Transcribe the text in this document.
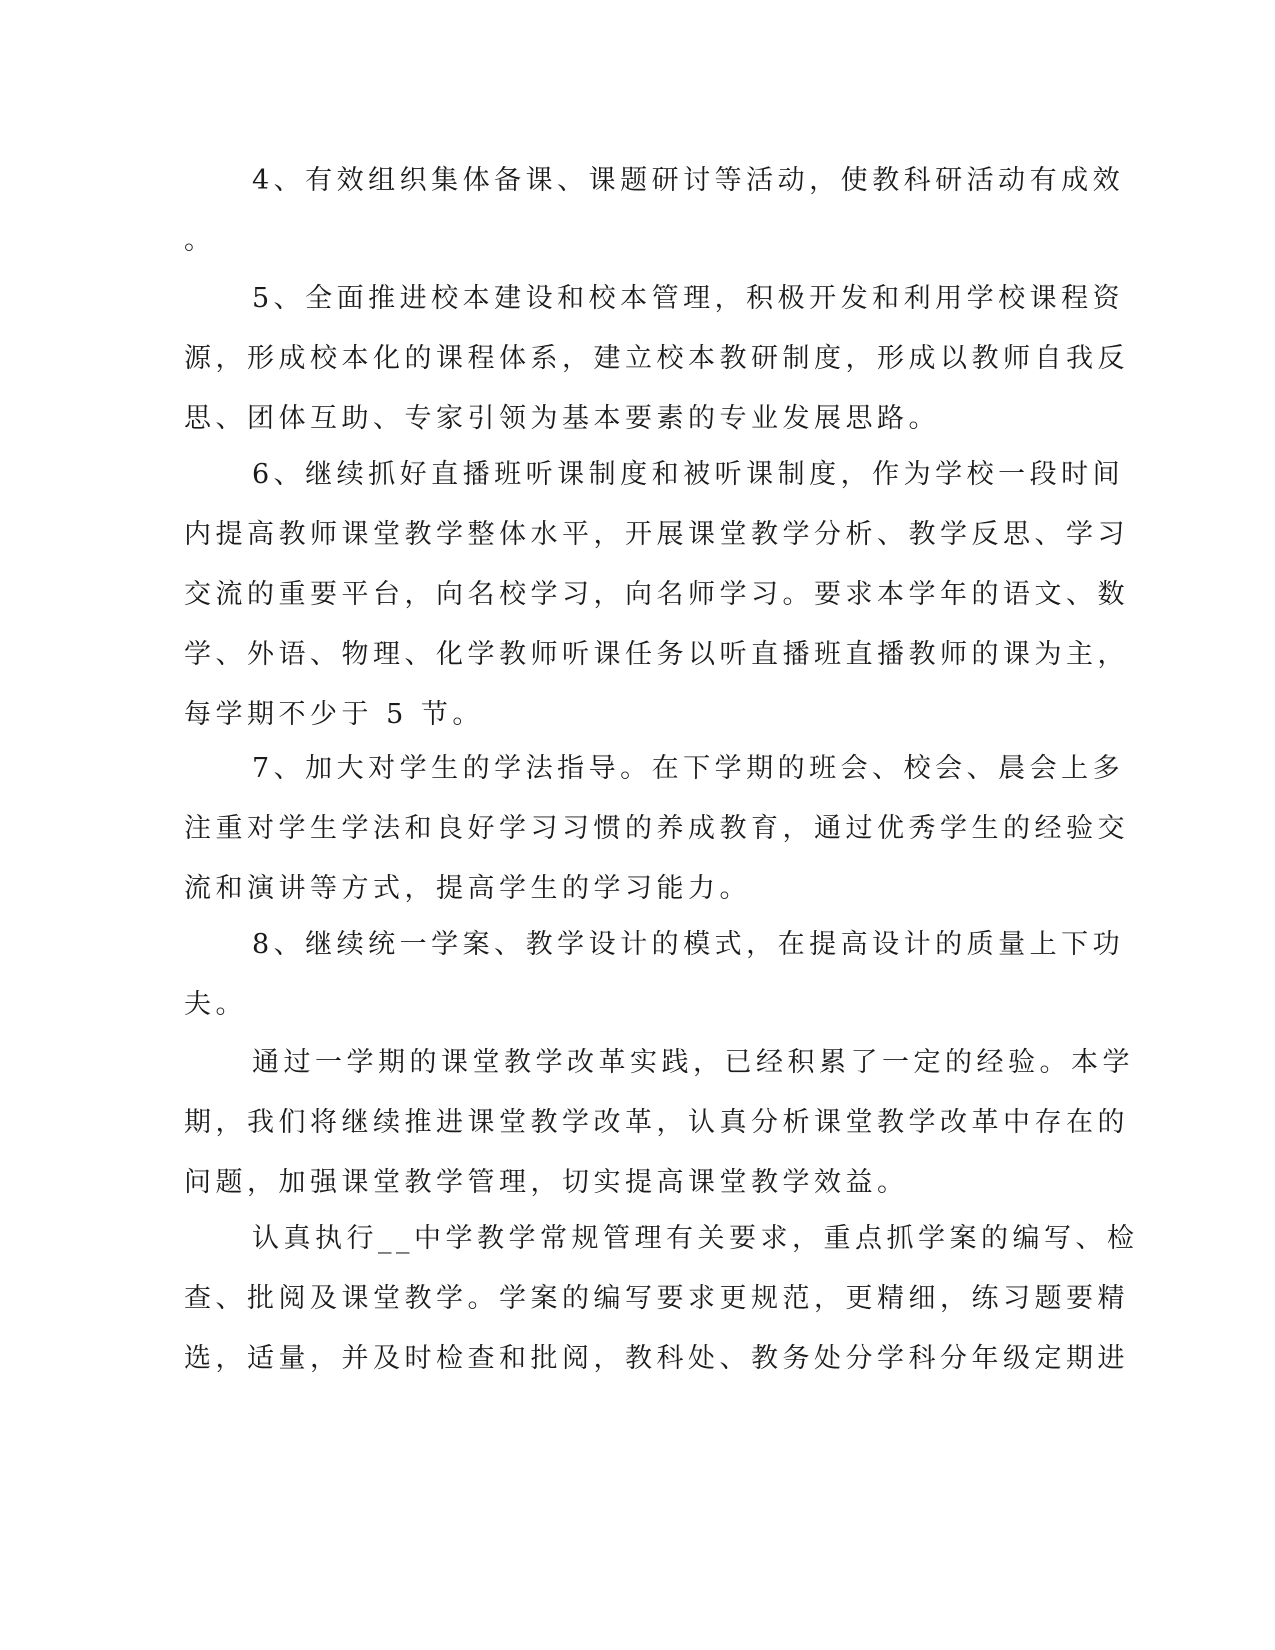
4、有效组织集体备课、课题研讨等活动，使教科研活动有成效
。

5、全面推进校本建设和校本管理，积极开发和利用学校课程资
源，形成校本化的课程体系，建立校本教研制度，形成以教师自我反
思、团体互助、专家引领为基本要素的专业发展思路。

6、继续抓好直播班听课制度和被听课制度，作为学校一段时间
内提高教师课堂教学整体水平，开展课堂教学分析、教学反思、学习
交流的重要平台，向名校学习，向名师学习。要求本学年的语文、数
学、外语、物理、化学教师听课任务以听直播班直播教师的课为主，
每学期不少于 5 节。

7、加大对学生的学法指导。在下学期的班会、校会、晨会上多
注重对学生学法和良好学习习惯的养成教育，通过优秀学生的经验交
流和演讲等方式，提高学生的学习能力。

8、继续统一学案、教学设计的模式，在提高设计的质量上下功
夫。

通过一学期的课堂教学改革实践，已经积累了一定的经验。本学
期，我们将继续推进课堂教学改革，认真分析课堂教学改革中存在的
问题，加强课堂教学管理，切实提高课堂教学效益。

认真执行__中学教学常规管理有关要求，重点抓学案的编写、检
查、批阅及课堂教学。学案的编写要求更规范，更精细，练习题要精
选，适量，并及时检查和批阅，教科处、教务处分学科分年级定期进
